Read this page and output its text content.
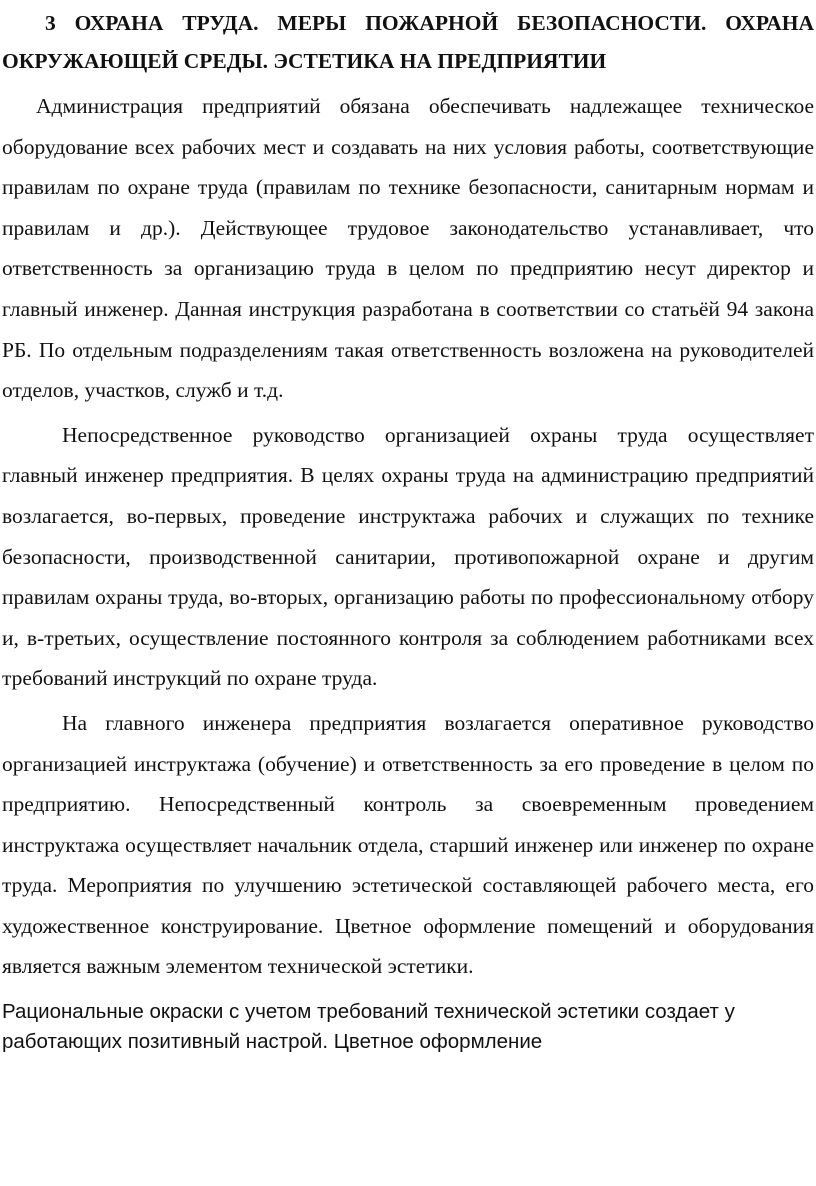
3 ОХРАНА ТРУДА. МЕРЫ ПОЖАРНОЙ БЕЗОПАСНОСТИ. ОХРАНА ОКРУЖАЮЩЕЙ СРЕДЫ. ЭСТЕТИКА НА ПРЕДПРИЯТИИ

Администрация предприятий обязана обеспечивать надлежащее техническое оборудование всех рабочих мест и создавать на них условия работы, соответствующие правилам по охране труда (правилам по технике безопасности, санитарным нормам и правилам и др.). Действующее трудовое законодательство устанавливает, что ответственность за организацию труда в целом по предприятию несут директор и главный инженер. Данная инструкция разработана в соответствии со статьёй 94 закона РБ. По отдельным подразделениям такая ответственность возложена на руководителей отделов, участков, служб и т.д.

Непосредственное руководство организацией охраны труда осуществляет главный инженер предприятия. В целях охраны труда на администрацию предприятий возлагается, во-первых, проведение инструктажа рабочих и служащих по технике безопасности, производственной санитарии, противопожарной охране и другим правилам охраны труда, во-вторых, организацию работы по профессиональному отбору и, в-третьих, осуществление постоянного контроля за соблюдением работниками всех требований инструкций по охране труда.

На главного инженера предприятия возлагается оперативное руководство организацией инструктажа (обучение) и ответственность за его проведение в целом по предприятию. Непосредственный контроль за своевременным проведением инструктажа осуществляет начальник отдела, старший инженер или инженер по охране труда. Мероприятия по улучшению эстетической составляющей рабочего места, его художественное конструирование. Цветное оформление помещений и оборудования является важным элементом технической эстетики.

Рациональные окраски с учетом требований технической эстетики создает у работающих позитивный настрой. Цветное оформление
